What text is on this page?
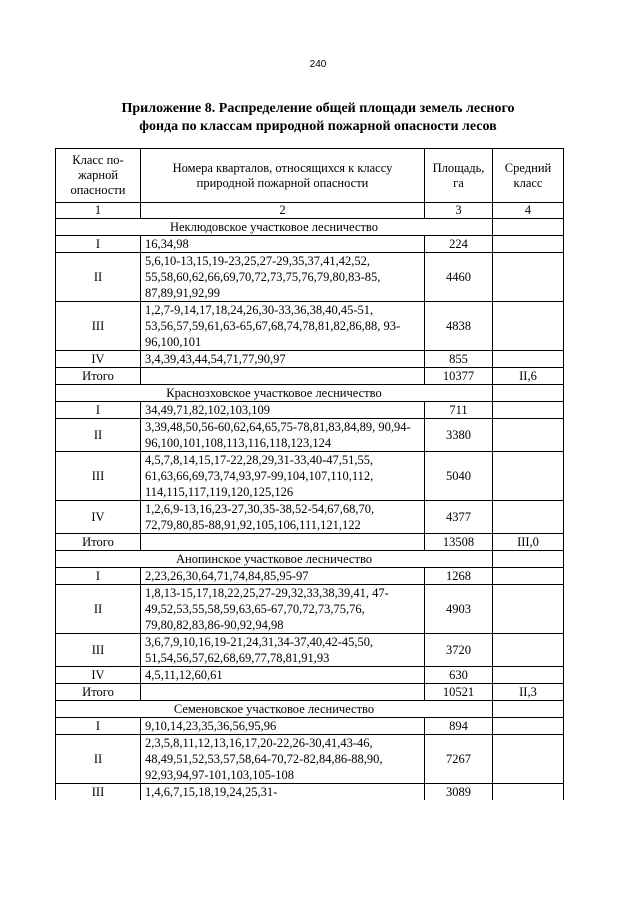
240
Приложение 8. Распределение общей площади земель лесного
фонда по классам природной пожарной опасности лесов
Класс по-жарной опасности	Номера кварталов, относящихся к классу природной пожарной опасности	Площадь, га	Средний класс
1	2	3	4
Неклюдовское участковое лесничество			
I	16,34,98	224	
II	5,6,10-13,15,19-23,25,27-29,35,37,41,42,52, 55,58,60,62,66,69,70,72,73,75,76,79,80,83-85, 87,89,91,92,99	4460	
III	1,2,7-9,14,17,18,24,26,30-33,36,38,40,45-51, 53,56,57,59,61,63-65,67,68,74,78,81,82,86,88, 93-96,100,101	4838	
IV	3,4,39,43,44,54,71,77,90,97	855	
Итого		10377	II,6
Краснозховское участковое лесничество			
I	34,49,71,82,102,103,109	711	
II	3,39,48,50,56-60,62,64,65,75-78,81,83,84,89, 90,94-96,100,101,108,113,116,118,123,124	3380	
III	4,5,7,8,14,15,17-22,28,29,31-33,40-47,51,55, 61,63,66,69,73,74,93,97-99,104,107,110,112, 114,115,117,119,120,125,126	5040	
IV	1,2,6,9-13,16,23-27,30,35-38,52-54,67,68,70, 72,79,80,85-88,91,92,105,106,111,121,122	4377	
Итого		13508	III,0
Анопинское участковое лесничество			
I	2,23,26,30,64,71,74,84,85,95-97	1268	
II	1,8,13-15,17,18,22,25,27-29,32,33,38,39,41, 47-49,52,53,55,58,59,63,65-67,70,72,73,75,76, 79,80,82,83,86-90,92,94,98	4903	
III	3,6,7,9,10,16,19-21,24,31,34-37,40,42-45,50, 51,54,56,57,62,68,69,77,78,81,91,93	3720	
IV	4,5,11,12,60,61	630	
Итого		10521	II,3
Семеновское участковое лесничество			
I	9,10,14,23,35,36,56,95,96	894	
II	2,3,5,8,11,12,13,16,17,20-22,26-30,41,43-46, 48,49,51,52,53,57,58,64-70,72-82,84,86-88,90, 92,93,94,97-101,103,105-108	7267	
III	1,4,6,7,15,18,19,24,25,31-	3089	
